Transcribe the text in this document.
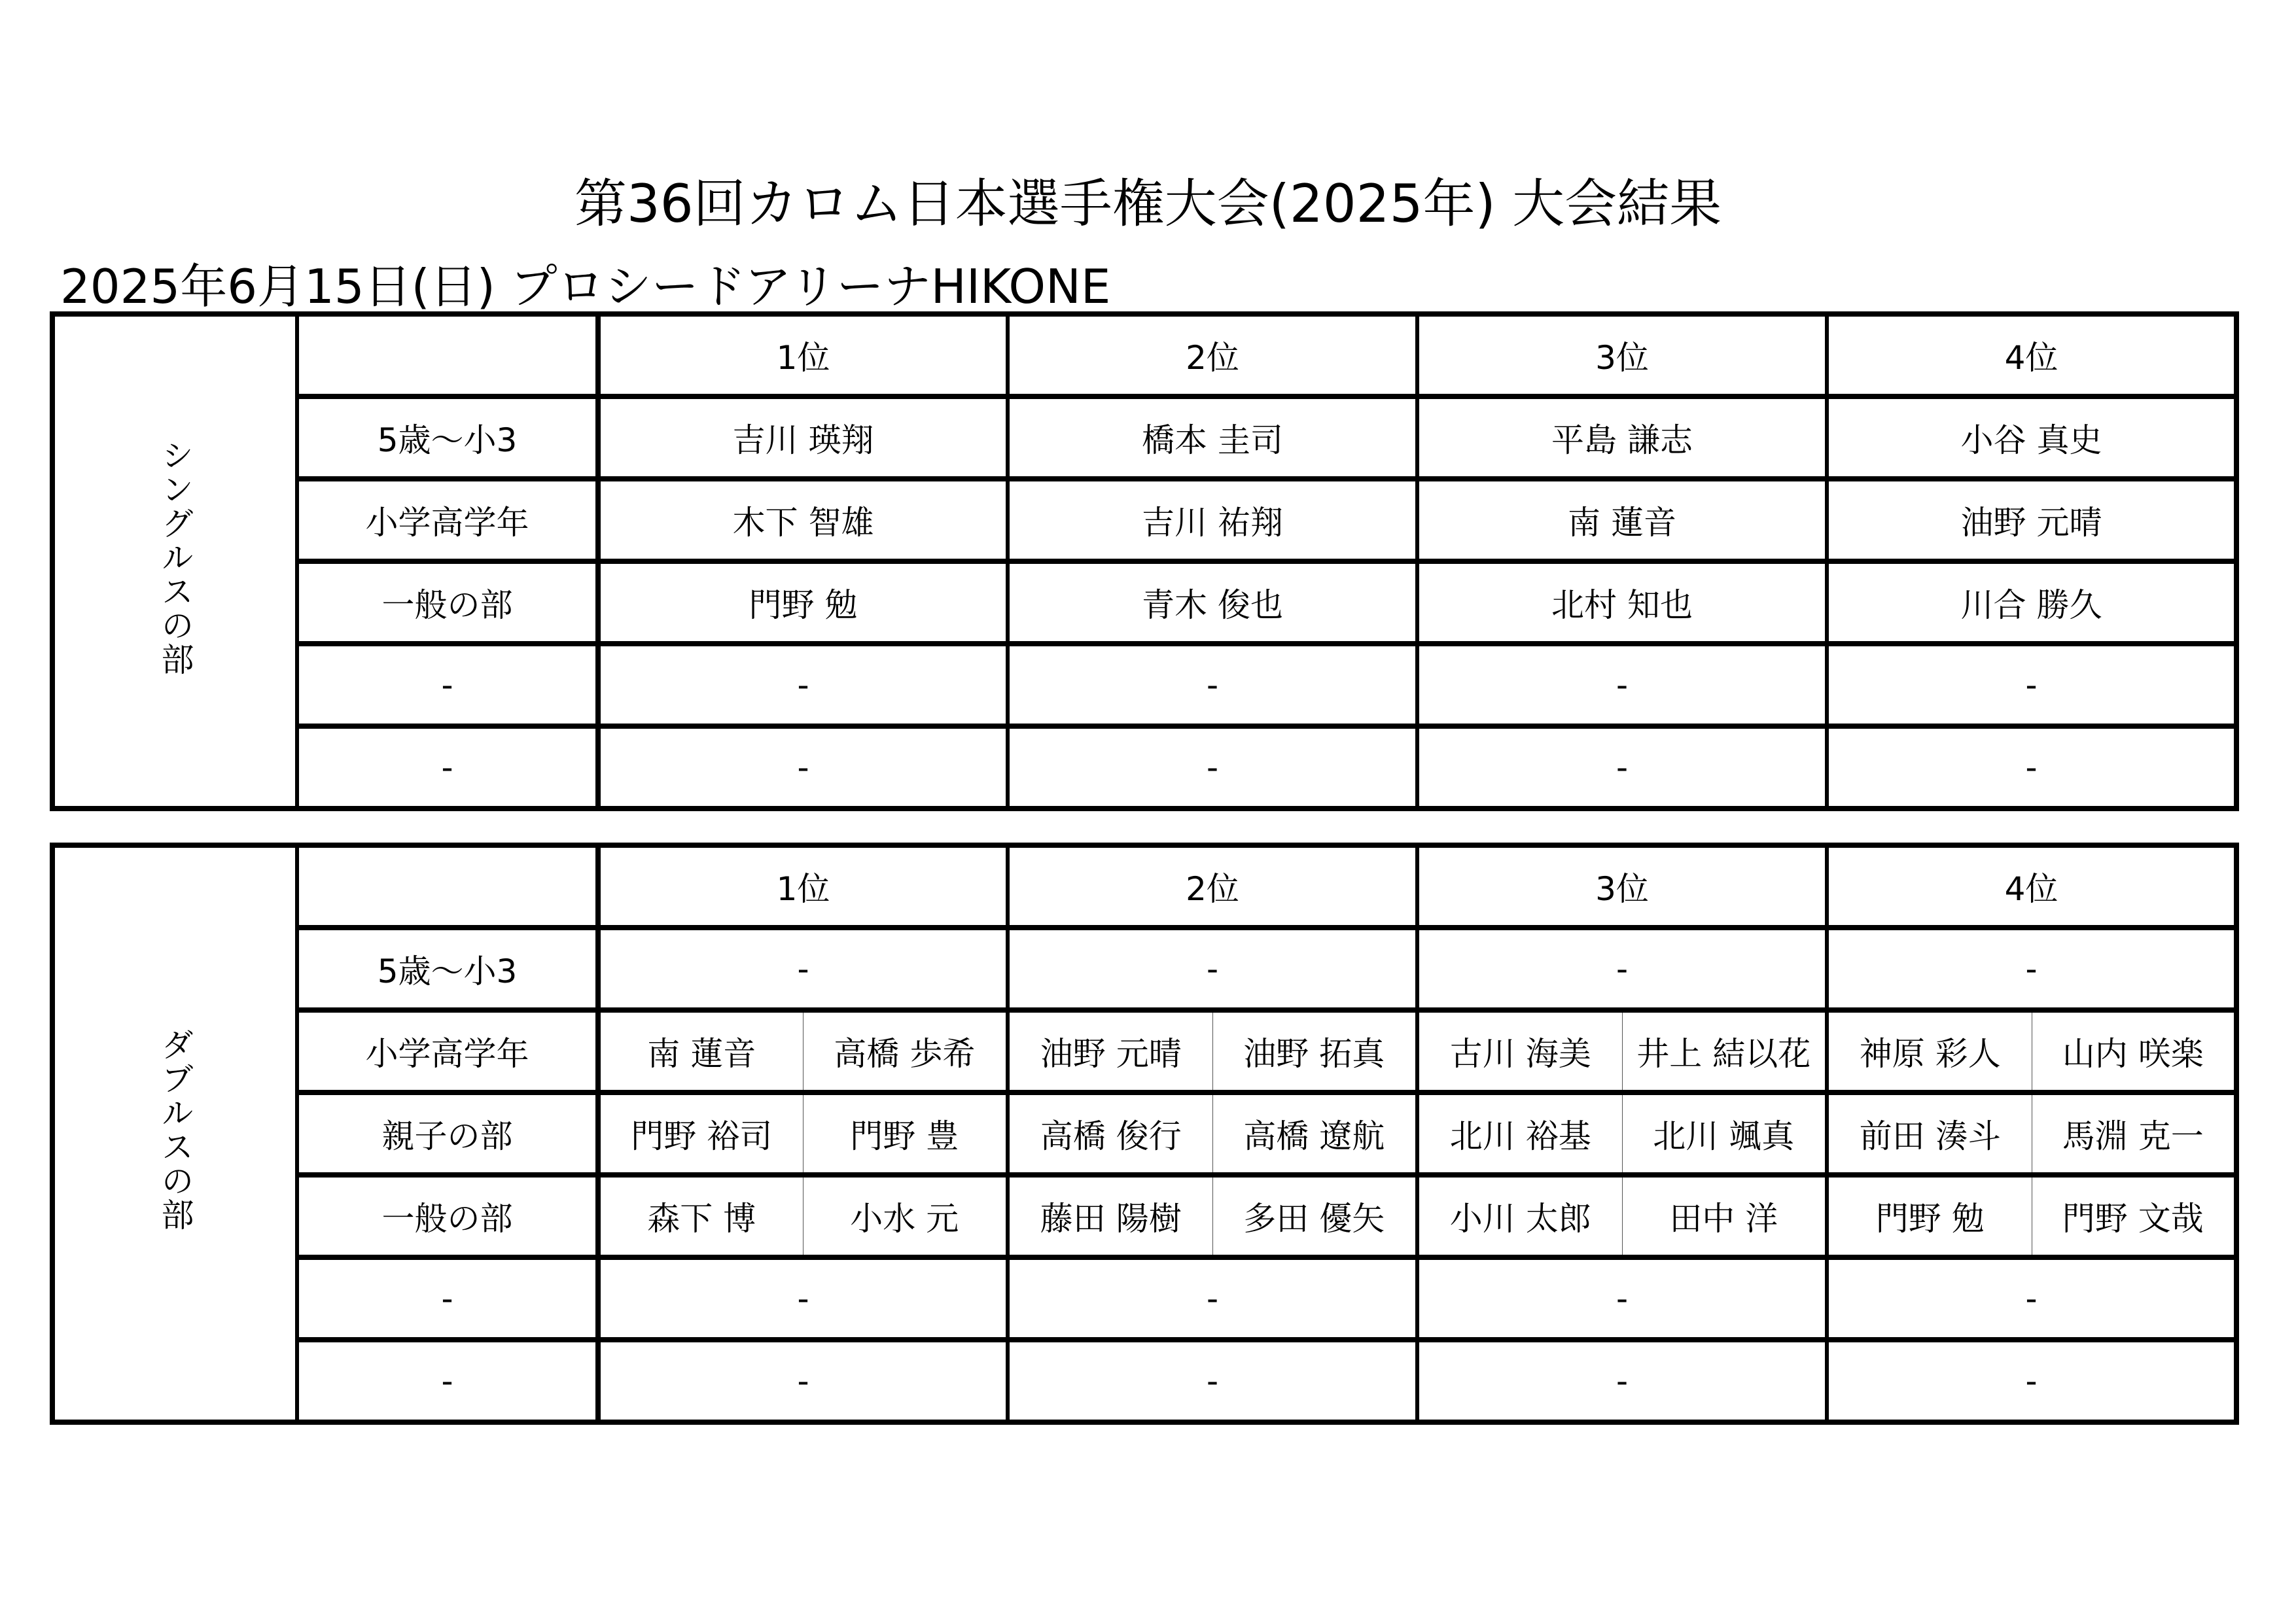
第36回カロム日本選手権大会(2025年) 大会結果
2025年6月15日(日) プロシードアリーナHIKONE
シングルスの部		1位	2位	3位	4位
	5歳～小3	吉川 瑛翔	橋本 圭司	平島 謙志	小谷 真史
	小学高学年	木下 智雄	吉川 祐翔	南 蓮音	油野 元晴
	一般の部	門野 勉	青木 俊也	北村 知也	川合 勝久
	-	-	-	-	-
	-	-	-	-	-
ダブルスの部		1位		2位		3位		4位	
	5歳～小3	-		-		-		-	
	小学高学年	南 蓮音	高橋 歩希	油野 元晴	油野 拓真	古川 海美	井上 結以花	神原 彩人	山内 咲楽
	親子の部	門野 裕司	門野 豊	高橋 俊行	高橋 遼航	北川 裕基	北川 颯真	前田 湊斗	馬淵 克一
	一般の部	森下 博	小水 元	藤田 陽樹	多田 優矢	小川 太郎	田中 洋	門野 勉	門野 文哉
	-	-		-		-		-	
	-	-		-		-		-	
